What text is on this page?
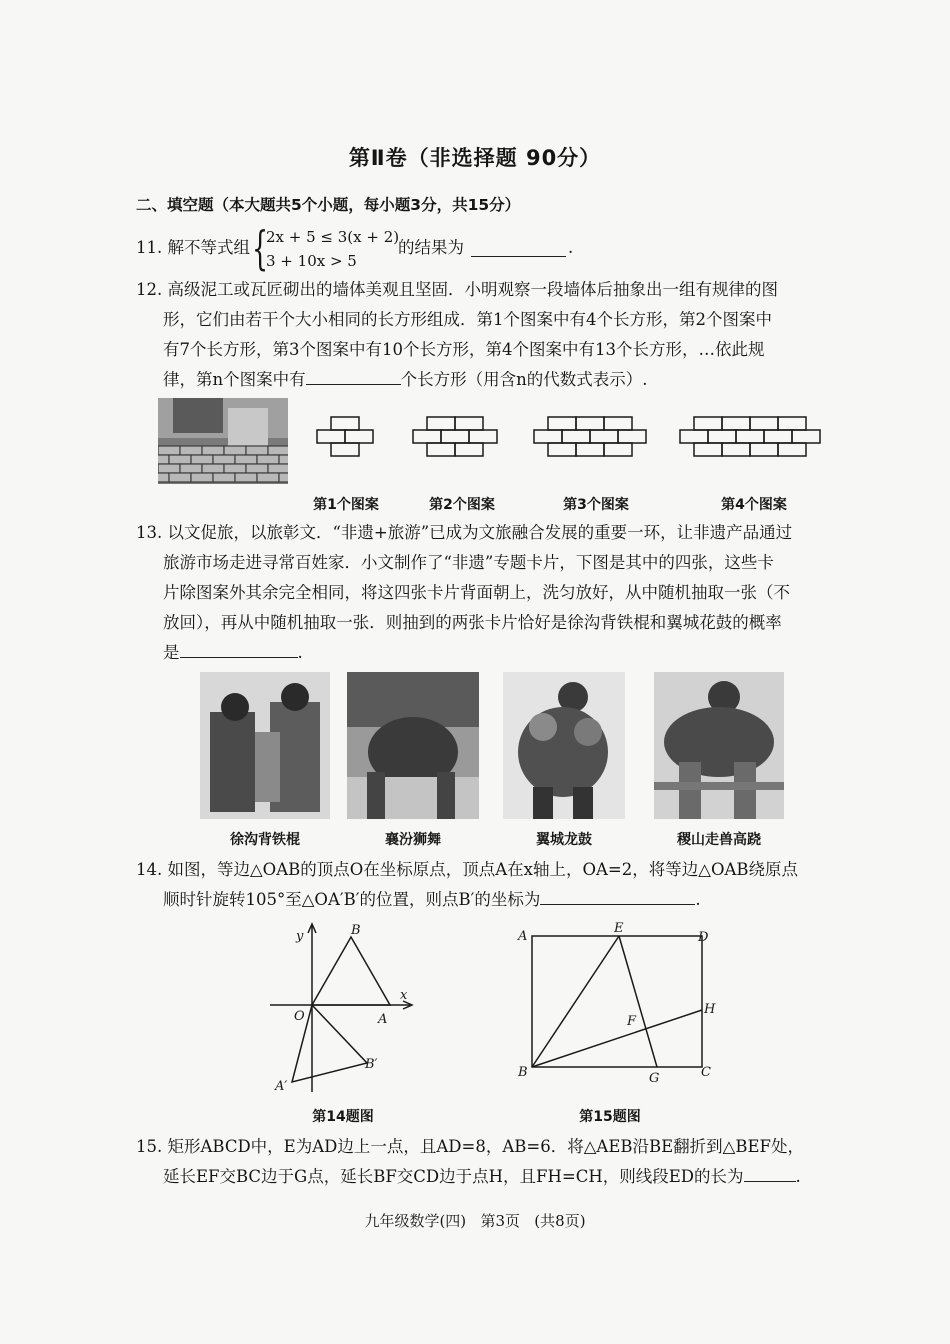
第Ⅱ卷（非选择题 90分）
二、填空题（本大题共5个小题，每小题3分，共15分）
11. 解不等式组 {
2x + 5 ≤ 3(x + 2)
3 + 10x > 5
的结果为	.
12. 高级泥工或瓦匠砌出的墙体美观且坚固．小明观察一段墙体后抽象出一组有规律的图
形，它们由若干个大小相同的长方形组成．第1个图案中有4个长方形，第2个图案中
有7个长方形，第3个图案中有10个长方形，第4个图案中有13个长方形，…依此规
律，第n个图案中有	个长方形（用含n的代数式表示）.
第1个图案	第2个图案	第3个图案	第4个图案
13. 以文促旅，以旅彰文．“非遗+旅游”已成为文旅融合发展的重要一环，让非遗产品通过
旅游市场走进寻常百姓家．小文制作了“非遗”专题卡片，下图是其中的四张，这些卡
片除图案外其余完全相同，将这四张卡片背面朝上，洗匀放好，从中随机抽取一张（不
放回），再从中随机抽取一张．则抽到的两张卡片恰好是徐沟背铁棍和翼城花鼓的概率
是	.
徐沟背铁棍	襄汾狮舞	翼城龙鼓	稷山走兽高跷
14. 如图，等边△OAB的顶点O在坐标原点，顶点A在x轴上，OA=2，将等边△OAB绕原点
顺时针旋转105°至△OA′B′的位置，则点B′的坐标为	.
y
x
O	A
B
B′
A′
第14题图
A
E
D
H
F
B	G	C
第15题图
15. 矩形ABCD中，E为AD边上一点，且AD=8，AB=6．将△AEB沿BE翻折到△BEF处，
延长EF交BC边于G点，延长BF交CD边于点H，且FH=CH，则线段ED的长为	.
九年级数学(四)   第3页   (共8页)
